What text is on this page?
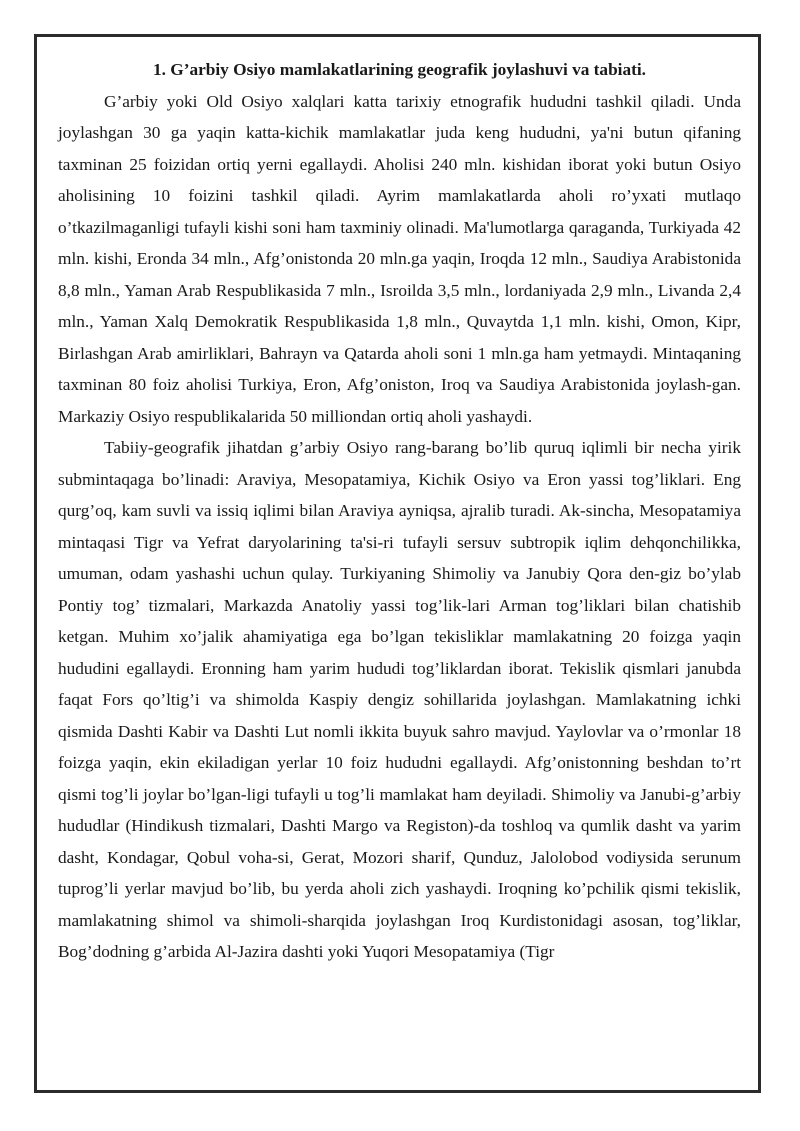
1. G’arbiy Osiyo mamlakatlarining geografik joylashuvi va tabiati.

G’arbiy yoki Old Osiyo xalqlari katta tarixiy etnografik hududni tashkil qiladi. Unda joylashgan 30 ga yaqin katta-kichik mamlakatlar juda keng hududni, ya'ni butun qifaning taxminan 25 foizidan ortiq yerni egallaydi. Aholisi 240 mln. kishidan iborat yoki butun Osiyo aholisining 10 foizini tashkil qiladi. Ayrim mamlakatlarda aholi ro’yxati mutlaqo o’tkazilmaganligi tufayli kishi soni ham taxminiy olinadi. Ma'lumotlarga qaraganda, Turkiyada 42 mln. kishi, Eronda 34 mln., Afg’onistonda 20 mln.ga yaqin, Iroqda 12 mln., Saudiya Arabistonida 8,8 mln., Yaman Arab Respublikasida 7 mln., Isroilda 3,5 mln., lordaniyada 2,9 mln., Livanda 2,4 mln., Yaman Xalq Demokratik Respublikasida 1,8 mln., Quvaytda 1,1 mln. kishi, Omon, Kipr, Birlashgan Arab amirliklari, Bahrayn va Qatarda aholi soni 1 mln.ga ham yetmaydi. Mintaqaning taxminan 80 foiz aholisi Turkiya, Eron, Afg’oniston, Iroq va Saudiya Arabistonida joylash-gan. Markaziy Osiyo respublikalarida 50 milliondan ortiq aholi yashaydi.

Tabiiy-geografik jihatdan g’arbiy Osiyo rang-barang bo’lib quruq iqlimli bir necha yirik submintaqaga bo’linadi: Araviya, Mesopatamiya, Kichik Osiyo va Eron yassi tog’liklari. Eng qurg’oq, kam suvli va issiq iqlimi bilan Araviya ayniqsa, ajralib turadi. Ak-sincha, Mesopatamiya mintaqasi Tigr va Yefrat daryolarining ta'si-ri tufayli sersuv subtropik iqlim dehqonchilikka, umuman, odam yashashi uchun qulay. Turkiyaning Shimoliy va Janubiy Qora den-giz bo’ylab Pontiy tog’ tizmalari, Markazda Anatoliy yassi tog’lik-lari Arman tog’liklari bilan chatishib ketgan. Muhim xo’jalik ahamiyatiga ega bo’lgan tekisliklar mamlakatning 20 foizga yaqin hududini egallaydi. Eronning ham yarim hududi tog’liklardan iborat. Tekislik qismlari janubda faqat Fors qo’ltig’i va shimolda Kaspiy dengiz sohillarida joylashgan. Mamlakatning ichki qismida Dashti Kabir va Dashti Lut nomli ikkita buyuk sahro mavjud. Yaylovlar va o’rmonlar 18 foizga yaqin, ekin ekiladigan yerlar 10 foiz hududni egallaydi. Afg’onistonning beshdan to’rt qismi tog’li joylar bo’lgan-ligi tufayli u tog’li mamlakat ham deyiladi. Shimoliy va Janubi-g’arbiy hududlar (Hindikush tizmalari, Dashti Margo va Registon)-da toshloq va qumlik dasht va yarim dasht, Kondagar, Qobul voha-si, Gerat, Mozori sharif, Qunduz, Jalolobod vodiysida serunum tuprog’li yerlar mavjud bo’lib, bu yerda aholi zich yashaydi. Iroqning ko’pchilik qismi tekislik, mamlakatning shimol va shimoli-sharqida joylashgan Iroq Kurdistonidagi asosan, tog’liklar, Bog’dodning g’arbida Al-Jazira dashti yoki Yuqori Mesopatamiya (Tigr
